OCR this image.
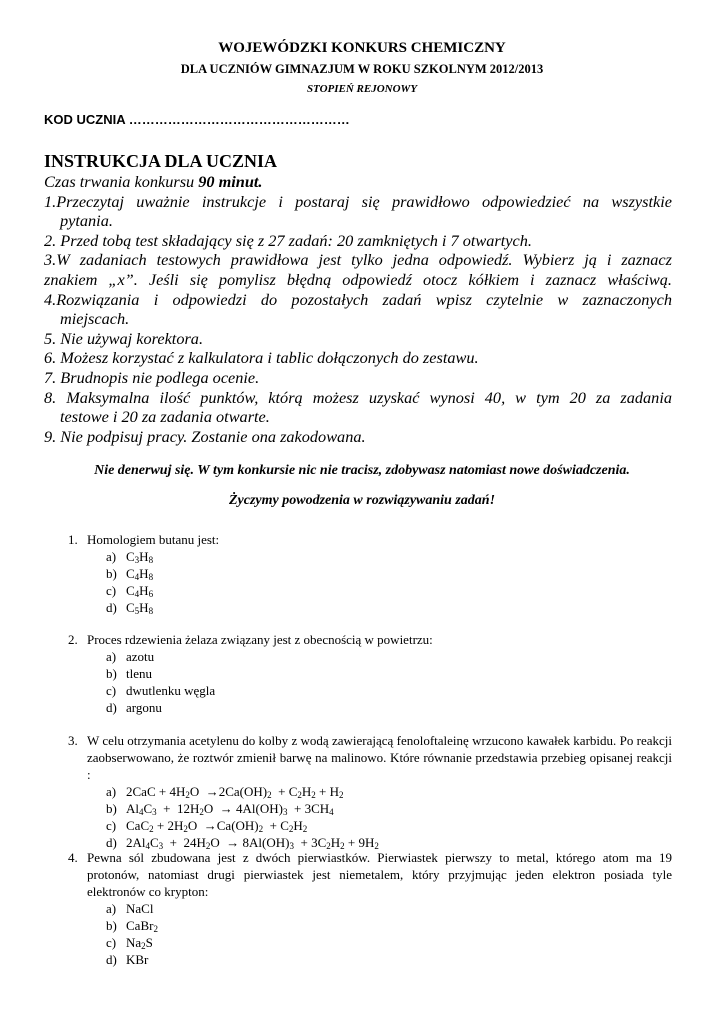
WOJEWÓDZKI KONKURS CHEMICZNY
DLA UCZNIÓW GIMNAZJUM W ROKU SZKOLNYM 2012/2013
STOPIEŃ REJONOWY
KOD UCZNIA ……………………………………………
INSTRUKCJA DLA UCZNIA
Czas trwania konkursu 90 minut.
1.Przeczytaj uważnie instrukcje i postaraj się prawidłowo odpowiedzieć na wszystkie
pytania.
2. Przed tobą test składający się z 27 zadań: 20 zamkniętych i 7 otwartych.
3.W zadaniach testowych prawidłowa jest tylko jedna odpowiedź. Wybierz ją i zaznacz
znakiem „x”. Jeśli się pomylisz błędną odpowiedź otocz kółkiem i zaznacz właściwą.
4.Rozwiązania i odpowiedzi do pozostałych zadań wpisz czytelnie w zaznaczonych
miejscach.
5. Nie używaj korektora.
6. Możesz korzystać z kalkulatora i tablic dołączonych do zestawu.
7. Brudnopis nie podlega ocenie.
8. Maksymalna ilość punktów, którą możesz uzyskać wynosi 40, w tym 20 za zadania
testowe i 20 za zadania otwarte.
9. Nie podpisuj pracy. Zostanie ona zakodowana.
Nie denerwuj się. W tym konkursie nic nie tracisz, zdobywasz natomiast nowe doświadczenia.
Życzymy powodzenia w rozwiązywaniu zadań!
1. Homologiem butanu jest:
a) $C_3H_8$
b) $C_4H_8$
c) $C_4H_6$
d) $C_5H_8$
2. Proces rdzewienia żelaza związany jest z obecnością w powietrzu:
a) azotu
b) tlenu
c) dwutlenku węgla
d) argonu
3. W celu otrzymania acetylenu do kolby z wodą zawierającą fenoloftaleinę wrzucono kawałek karbidu. Po reakcji zaobserwowano, że roztwór zmienił barwę na malinowo. Które równanie przedstawia przebieg opisanej reakcji :
a) $2CaC + 4H_2O \to 2Ca(OH)_2 + C_2H_2 + H_2$
b) $Al_4C_3 + 12H_2O \to 4Al(OH)_3 + 3CH_4$
c) $CaC_2 + 2H_2O \to Ca(OH)_2 + C_2H_2$
d) $2Al_4C_3 + 24H_2O \to 8Al(OH)_3 + 3C_2H_2 + 9H_2$
4. Pewna sól zbudowana jest z dwóch pierwiastków. Pierwiastek pierwszy to metal, którego atom ma 19 protonów, natomiast drugi pierwiastek jest niemetalem, który przyjmując jeden elektron posiada tyle elektronów co krypton:
a) NaCl
b) CaBr$_2$
c) $Na_2S$
d) KBr
